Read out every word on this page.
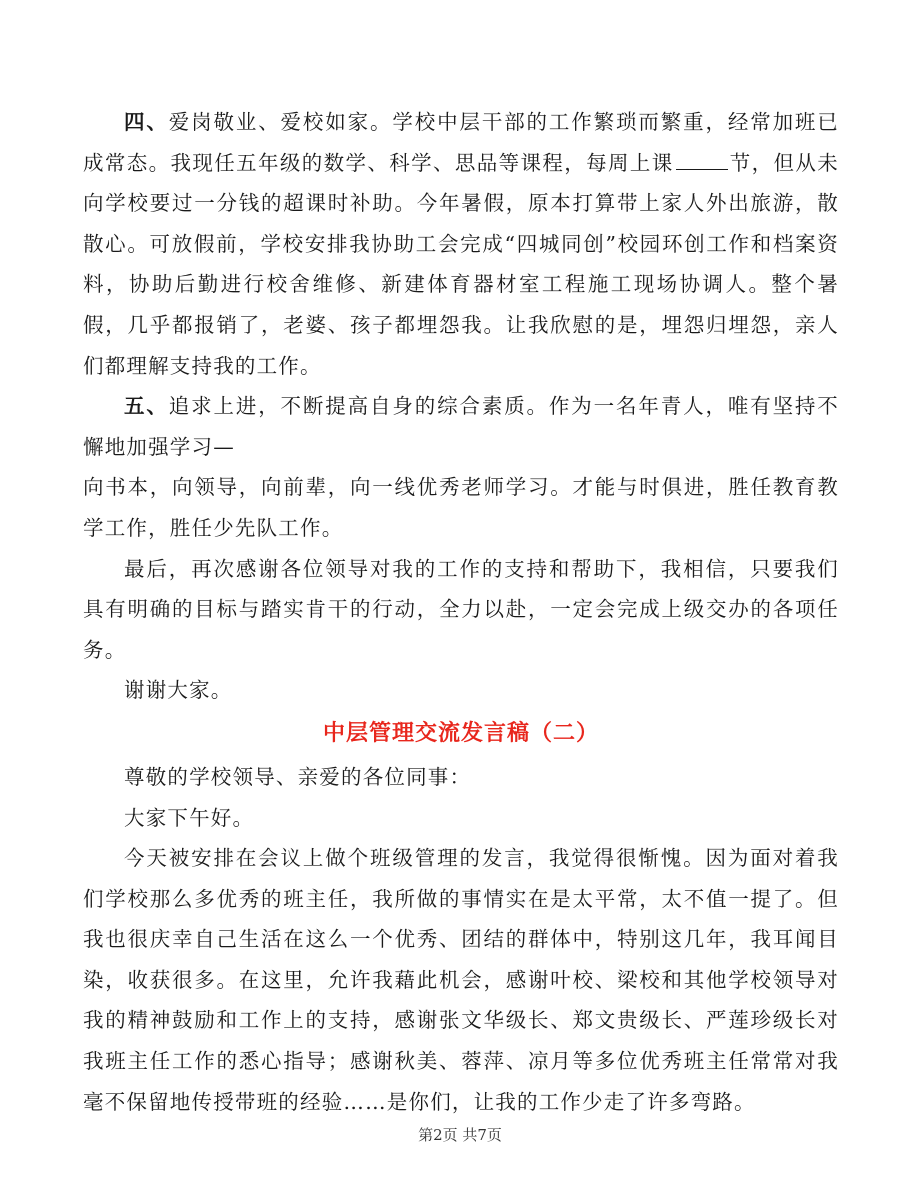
四、爱岗敬业、爱校如家。学校中层干部的工作繁琐而繁重，经常加班已成常态。我现任五年级的数学、科学、思品等课程，每周上课	节，但从未向学校要过一分钱的超课时补助。今年暑假，原本打算带上家人外出旅游，散散心。可放假前，学校安排我协助工会完成“四城同创”校园环创工作和档案资料，协助后勤进行校舍维修、新建体育器材室工程施工现场协调人。整个暑假，几乎都报销了，老婆、孩子都埋怨我。让我欣慰的是，埋怨归埋怨，亲人们都理解支持我的工作。

五、追求上进，不断提高自身的综合素质。作为一名年青人，唯有坚持不懈地加强学习—

向书本，向领导，向前辈，向一线优秀老师学习。才能与时俱进，胜任教育教学工作，胜任少先队工作。

最后，再次感谢各位领导对我的工作的支持和帮助下，我相信，只要我们具有明确的目标与踏实肯干的行动，全力以赴，一定会完成上级交办的各项任务。

谢谢大家。

中层管理交流发言稿（二）

尊敬的学校领导、亲爱的各位同事：

大家下午好。

今天被安排在会议上做个班级管理的发言，我觉得很惭愧。因为面对着我们学校那么多优秀的班主任，我所做的事情实在是太平常，太不值一提了。但我也很庆幸自己生活在这么一个优秀、团结的群体中，特别这几年，我耳闻目染，收获很多。在这里，允许我藉此机会，感谢叶校、梁校和其他学校领导对我的精神鼓励和工作上的支持，感谢张文华级长、郑文贵级长、严莲珍级长对我班主任工作的悉心指导；感谢秋美、蓉萍、凉月等多位优秀班主任常常对我毫不保留地传授带班的经验……是你们，让我的工作少走了许多弯路。

第2页 共7页
